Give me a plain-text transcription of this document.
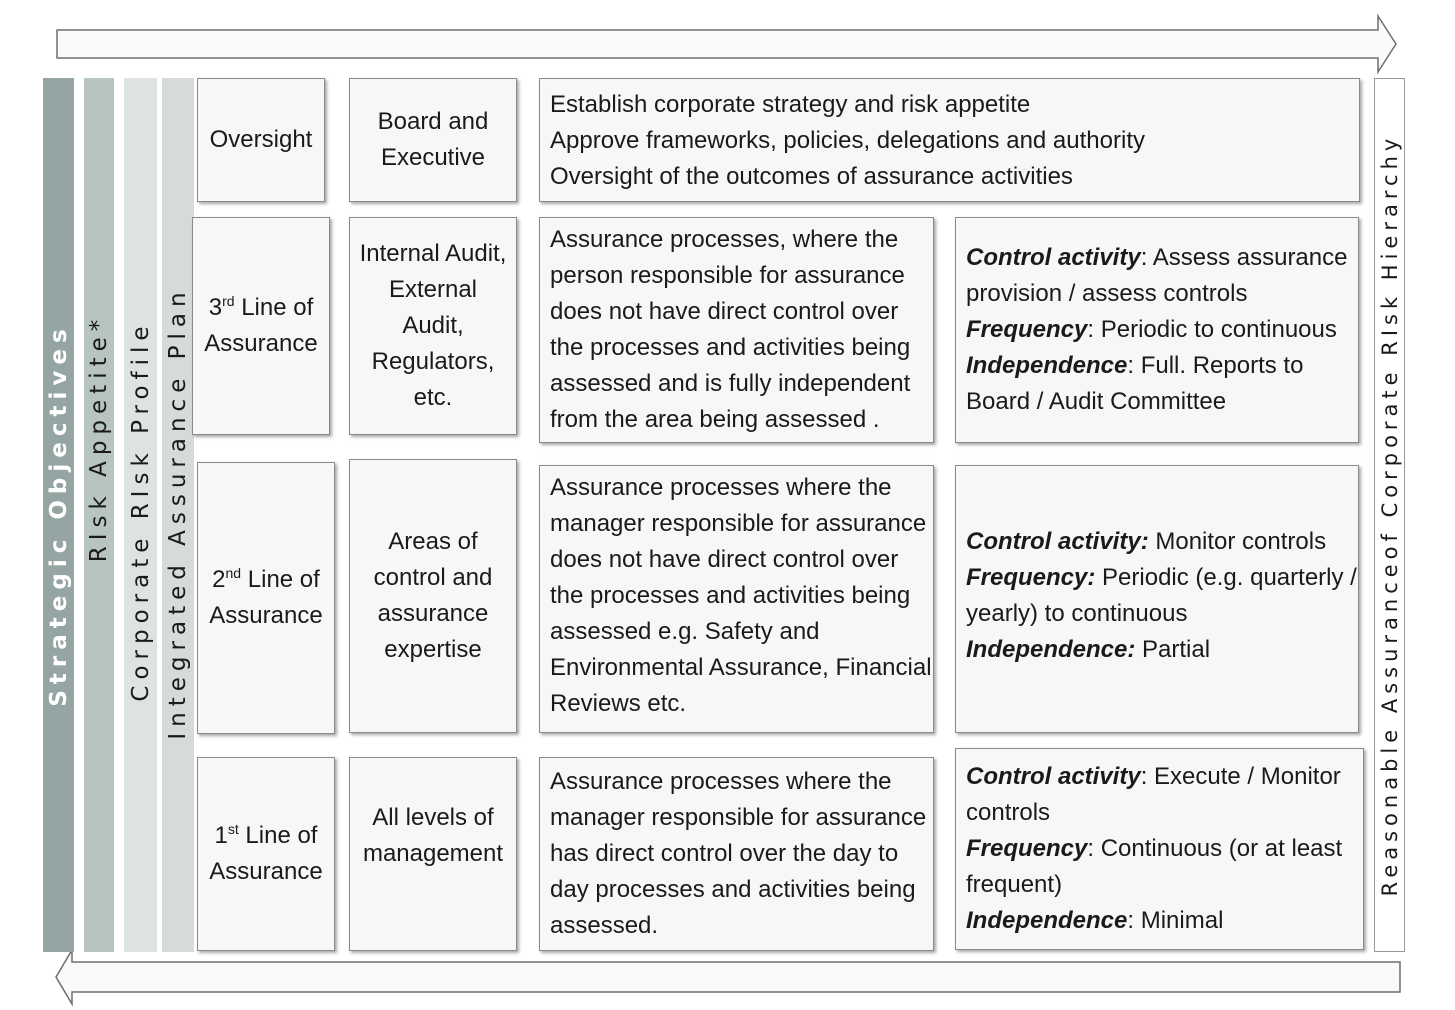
Strategic Objectives RIsk Appetite* Corporate RIsk Profile Integrated Assurance Plan	Reasonable Assuranceof Corporate RIsk Hierarchy
Oversight
Board and
Executive
Establish corporate strategy and risk appetite
Approve frameworks, policies, delegations and authority
Oversight of the outcomes of assurance activities
3rd Line of
Assurance
Internal Audit,
External
Audit,
Regulators,
etc.
Assurance processes, where the
person responsible for assurance
does not have direct control over
the processes and activities being
assessed and is fully independent
from the area being assessed .
Control activity: Assess assurance
provision / assess controls
Frequency: Periodic to continuous
Independence: Full. Reports to
Board / Audit Committee
2nd Line of
Assurance
Areas of
control and
assurance
expertise
Assurance processes where the
manager responsible for assurance
does not have direct control over
the processes and activities being
assessed e.g. Safety and
Environmental Assurance, Financial
Reviews etc.
Control activity: Monitor controls
Frequency: Periodic (e.g. quarterly /
yearly) to continuous
Independence: Partial
1st Line of
Assurance
All levels of
management
Assurance processes where the
manager responsible for assurance
has direct control over the day to
day processes and activities being
assessed.
Control activity: Execute / Monitor
controls
Frequency: Continuous (or at least
frequent)
Independence: Minimal
